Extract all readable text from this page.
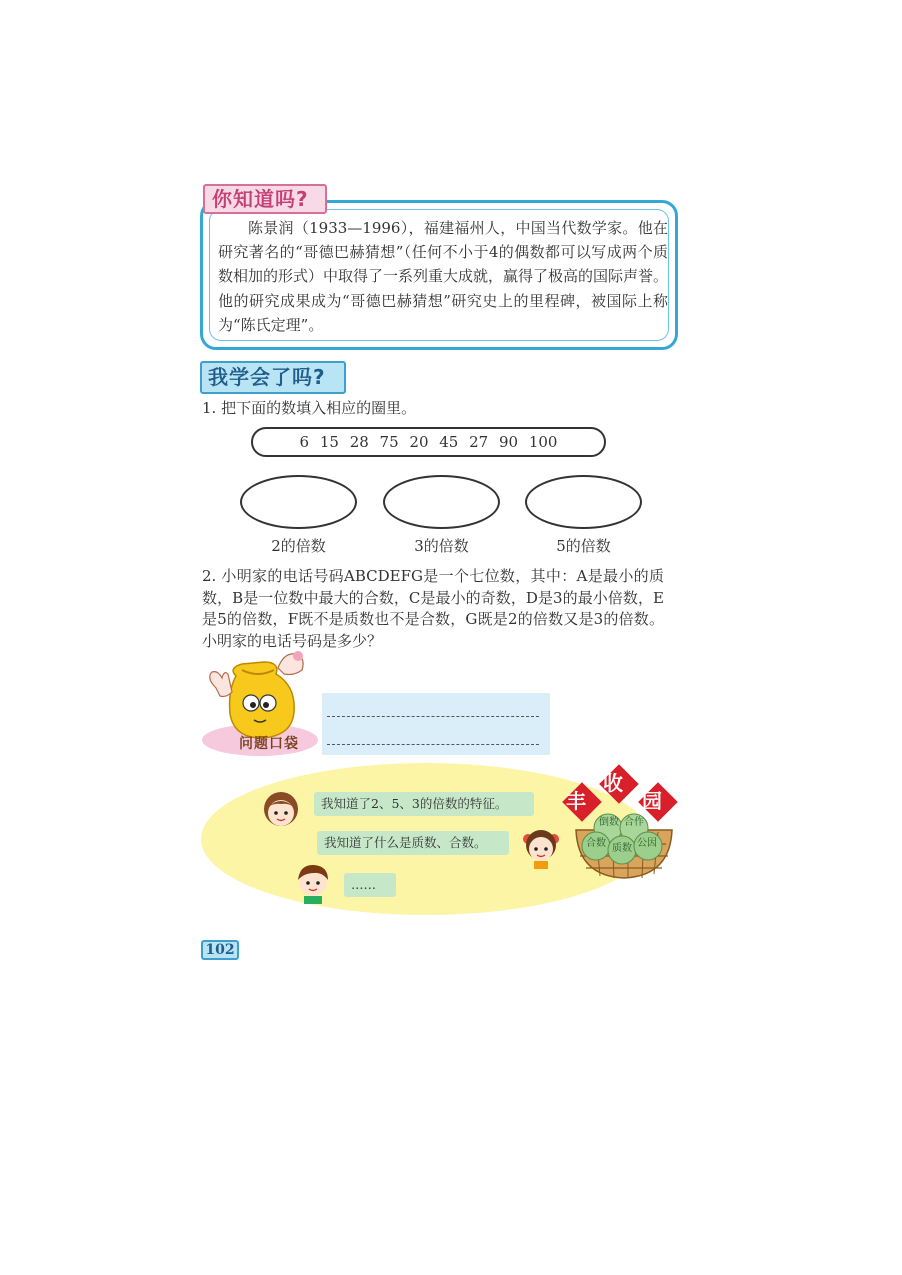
你知道吗?
陈景润（1933—1996），福建福州人，中国当代数学家。他在研究著名的“哥德巴赫猜想”（任何不小于4的偶数都可以写成两个质数相加的形式）中取得了一系列重大成就，赢得了极高的国际声誉。他的研究成果成为“哥德巴赫猜想”研究史上的里程碑，被国际上称为“陈氏定理”。
我学会了吗?
1. 把下面的数填入相应的圈里。
6 15 28 75 20 45 27 90 100
2的倍数	3的倍数	5的倍数
2. 小明家的电话号码ABCDEFG是一个七位数，其中：A是最小的质数，B是一位数中最大的合数，C是最小的奇数，D是3的最小倍数，E是5的倍数，F既不是质数也不是合数，G既是2的倍数又是3的倍数。小明家的电话号码是多少？
问题口袋
我知道了2、5、3的倍数的特征。
我知道了什么是质数、合数。
……
丰
收
园
倒数 合作
合数 质数 公因
102
